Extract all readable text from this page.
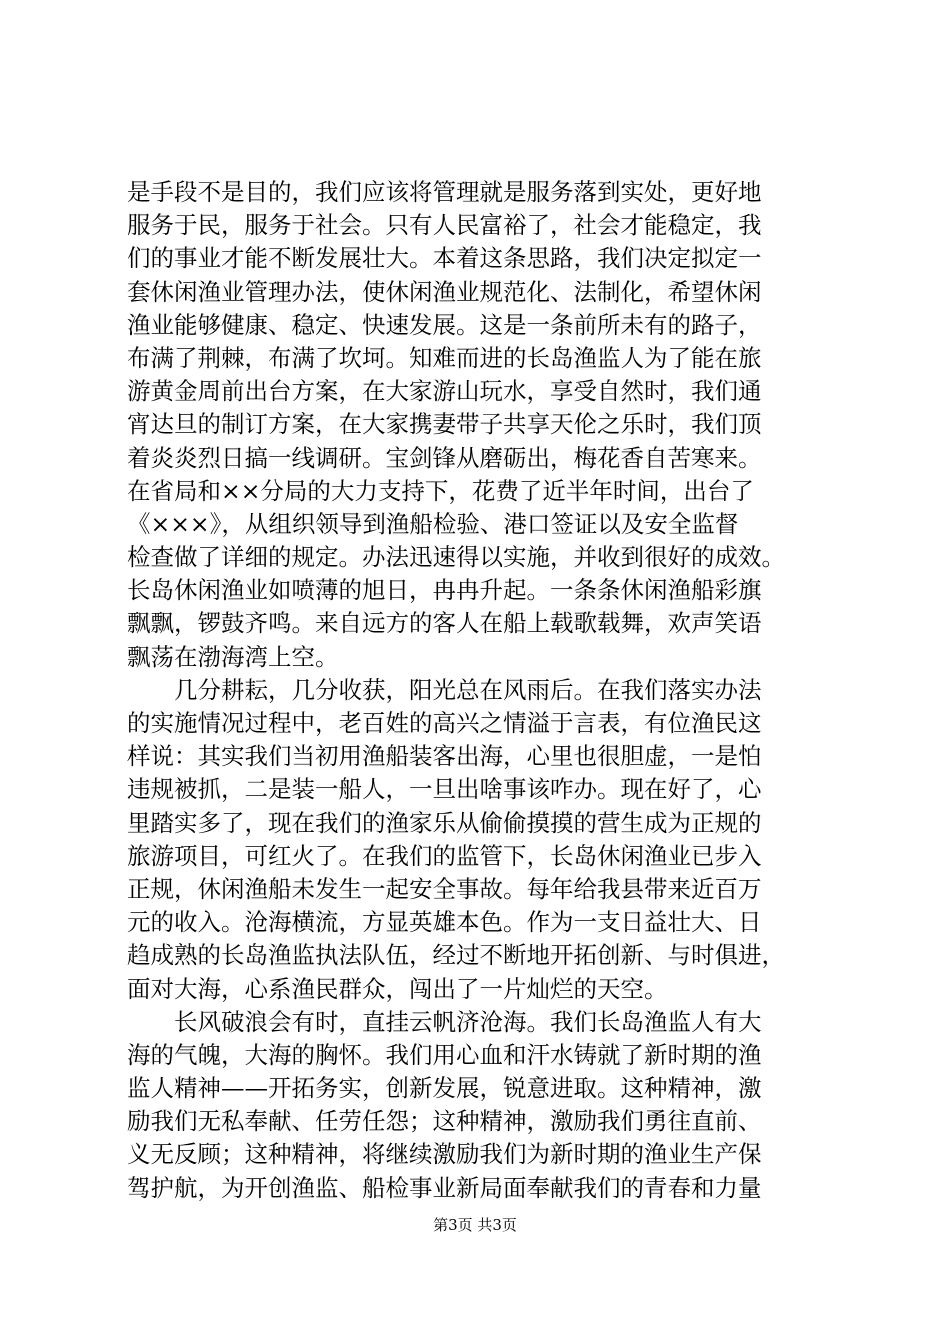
是手段不是目的，我们应该将管理就是服务落到实处，更好地
服务于民，服务于社会。只有人民富裕了，社会才能稳定，我
们的事业才能不断发展壮大。本着这条思路，我们决定拟定一
套休闲渔业管理办法，使休闲渔业规范化、法制化，希望休闲
渔业能够健康、稳定、快速发展。这是一条前所未有的路子，
布满了荆棘，布满了坎坷。知难而进的长岛渔监人为了能在旅
游黄金周前出台方案，在大家游山玩水，享受自然时，我们通
宵达旦的制订方案，在大家携妻带子共享天伦之乐时，我们顶
着炎炎烈日搞一线调研。宝剑锋从磨砺出，梅花香自苦寒来。
在省局和××分局的大力支持下，花费了近半年时间，出台了
《×××》，从组织领导到渔船检验、港口签证以及安全监督
检查做了详细的规定。办法迅速得以实施，并收到很好的成效。
长岛休闲渔业如喷薄的旭日，冉冉升起。一条条休闲渔船彩旗
飘飘，锣鼓齐鸣。来自远方的客人在船上载歌载舞，欢声笑语
飘荡在渤海湾上空。
　　几分耕耘，几分收获，阳光总在风雨后。在我们落实办法
的实施情况过程中，老百姓的高兴之情溢于言表，有位渔民这
样说：其实我们当初用渔船装客出海，心里也很胆虚，一是怕
违规被抓，二是装一船人，一旦出啥事该咋办。现在好了，心
里踏实多了，现在我们的渔家乐从偷偷摸摸的营生成为正规的
旅游项目，可红火了。在我们的监管下，长岛休闲渔业已步入
正规，休闲渔船未发生一起安全事故。每年给我县带来近百万
元的收入。沧海横流，方显英雄本色。作为一支日益壮大、日
趋成熟的长岛渔监执法队伍，经过不断地开拓创新、与时俱进，
面对大海，心系渔民群众，闯出了一片灿烂的天空。
　　长风破浪会有时，直挂云帆济沧海。我们长岛渔监人有大
海的气魄，大海的胸怀。我们用心血和汗水铸就了新时期的渔
监人精神——开拓务实，创新发展，锐意进取。这种精神，激
励我们无私奉献、任劳任怨；这种精神，激励我们勇往直前、
义无反顾；这种精神，将继续激励我们为新时期的渔业生产保
驾护航，为开创渔监、船检事业新局面奉献我们的青春和力量
第3页 共3页
